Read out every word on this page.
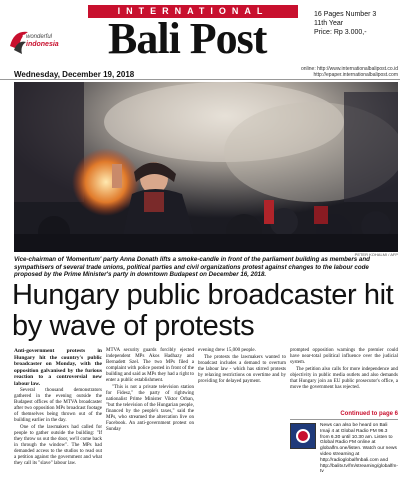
INTERNATIONAL
wonderful
indonesia Bali Post	16 Pages Number 3
11th Year
Price: Rp 3.000,-
online: http://www.internationalbalipost.co.id
http://epaper.internationalbalipost.com
Wednesday, December 19, 2018
PETER KOHALMI / AFP
Vice-chairman of 'Momentum' party Anna Donath lifts a smoke-candle in front of the parliament building as members and sympathisers of several trade unions, political parties and civil organizations protest against changes to the labour code proposed by the Prime Minister's party in downtown Budapest on December 16, 2018.
Hungary public broadcaster hit by wave of protests

Anti-government protests in Hungary hit the country's public broadcaster on Monday, with the opposition galvanised by the furious reaction to a controversial new labour law.

Several thousand demonstrators gathered in the evening outside the Budapest offices of the MTVA broadcaster after two opposition MPs broadcast footage of themselves being thrown out of the building earlier in the day.

One of the lawmakers had called for people to gather outside the building: "If they throw us out the door, we'll come back in through the window". The MPs had demanded access to the studios to read out a petition against the government and what they call its "slave" labour law.

MTVA security guards forcibly ejected independent MPs Akos Hadhazy and Bernadett Szel. The two MPs filed a complaint with police posted in front of the building and said as MPs they had a right to enter a public establishment.

"This is not a private television station for Fidesz," the party of rightwing nationalist Prime Minister Viktor Orban, "but the television of the Hungarian people, financed by the people's taxes," said the MPs, who streamed the altercation live on Facebook. An anti-government protest on Sunday

evening drew 15,000 people.

The protests the lawmakers wanted to broadcast includes a demand to overturn the labour law - which has stirred protests by relaxing restrictions on overtime and by providing for delayed payment.

prompted opposition warnings the premier could have near-total political influence over the judicial system.

The petition also calls for more independence and objectivity in public media outlets and also demands that Hungary join an EU public prosecutor's office, a move the government has rejected.

Continued to page 6
News can also be heard on Bali Imaji 4 at Global Radio FM 96.3 from 6.30 until 10.30 am. Listen to Global Radio FM online at globalfm.one/listen. Watch our news video streaming at http://radioglobalfmbali.com and http://balitv.tv/fm/streaming/globalfm-tv
